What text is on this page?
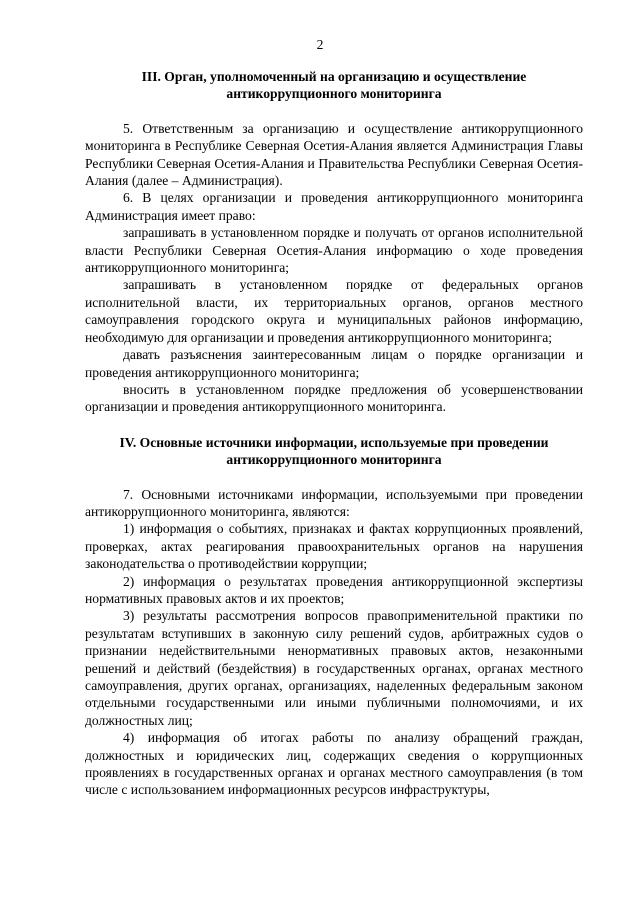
2
III. Орган, уполномоченный на организацию и осуществление
антикоррупционного мониторинга

5. Ответственным за организацию и осуществление антикоррупционного мониторинга в Республике Северная Осетия-Алания является Администрация Главы Республики Северная Осетия-Алания и Правительства Республики Северная Осетия-Алания (далее – Администрация).

6. В целях организации и проведения антикоррупционного мониторинга Администрация имеет право:

запрашивать в установленном порядке и получать от органов исполнительной власти Республики Северная Осетия-Алания информацию о ходе проведения антикоррупционного мониторинга;

запрашивать в установленном порядке от федеральных органов исполнительной власти, их территориальных органов, органов местного самоуправления городского округа и муниципальных районов информацию, необходимую для организации и проведения антикоррупционного мониторинга;

давать разъяснения заинтересованным лицам о порядке организации и проведения антикоррупционного мониторинга;

вносить в установленном порядке предложения об усовершенствовании организации и проведения антикоррупционного мониторинга.

IV. Основные источники информации, используемые при проведении
антикоррупционного мониторинга

7. Основными источниками информации, используемыми при проведении антикоррупционного мониторинга, являются:

1) информация о событиях, признаках и фактах коррупционных проявлений, проверках, актах реагирования правоохранительных органов на нарушения законодательства о противодействии коррупции;

2) информация о результатах проведения антикоррупционной экспертизы нормативных правовых актов и их проектов;

3) результаты рассмотрения вопросов правоприменительной практики по результатам вступивших в законную силу решений судов, арбитражных судов о признании недействительными ненормативных правовых актов, незаконными решений и действий (бездействия) в государственных органах, органах местного самоуправления, других органах, организациях, наделенных федеральным законом отдельными государственными или иными публичными полномочиями, и их должностных лиц;

4) информация об итогах работы по анализу обращений граждан, должностных и юридических лиц, содержащих сведения о коррупционных проявлениях в государственных органах и органах местного самоуправления (в том числе с использованием информационных ресурсов инфраструктуры,
